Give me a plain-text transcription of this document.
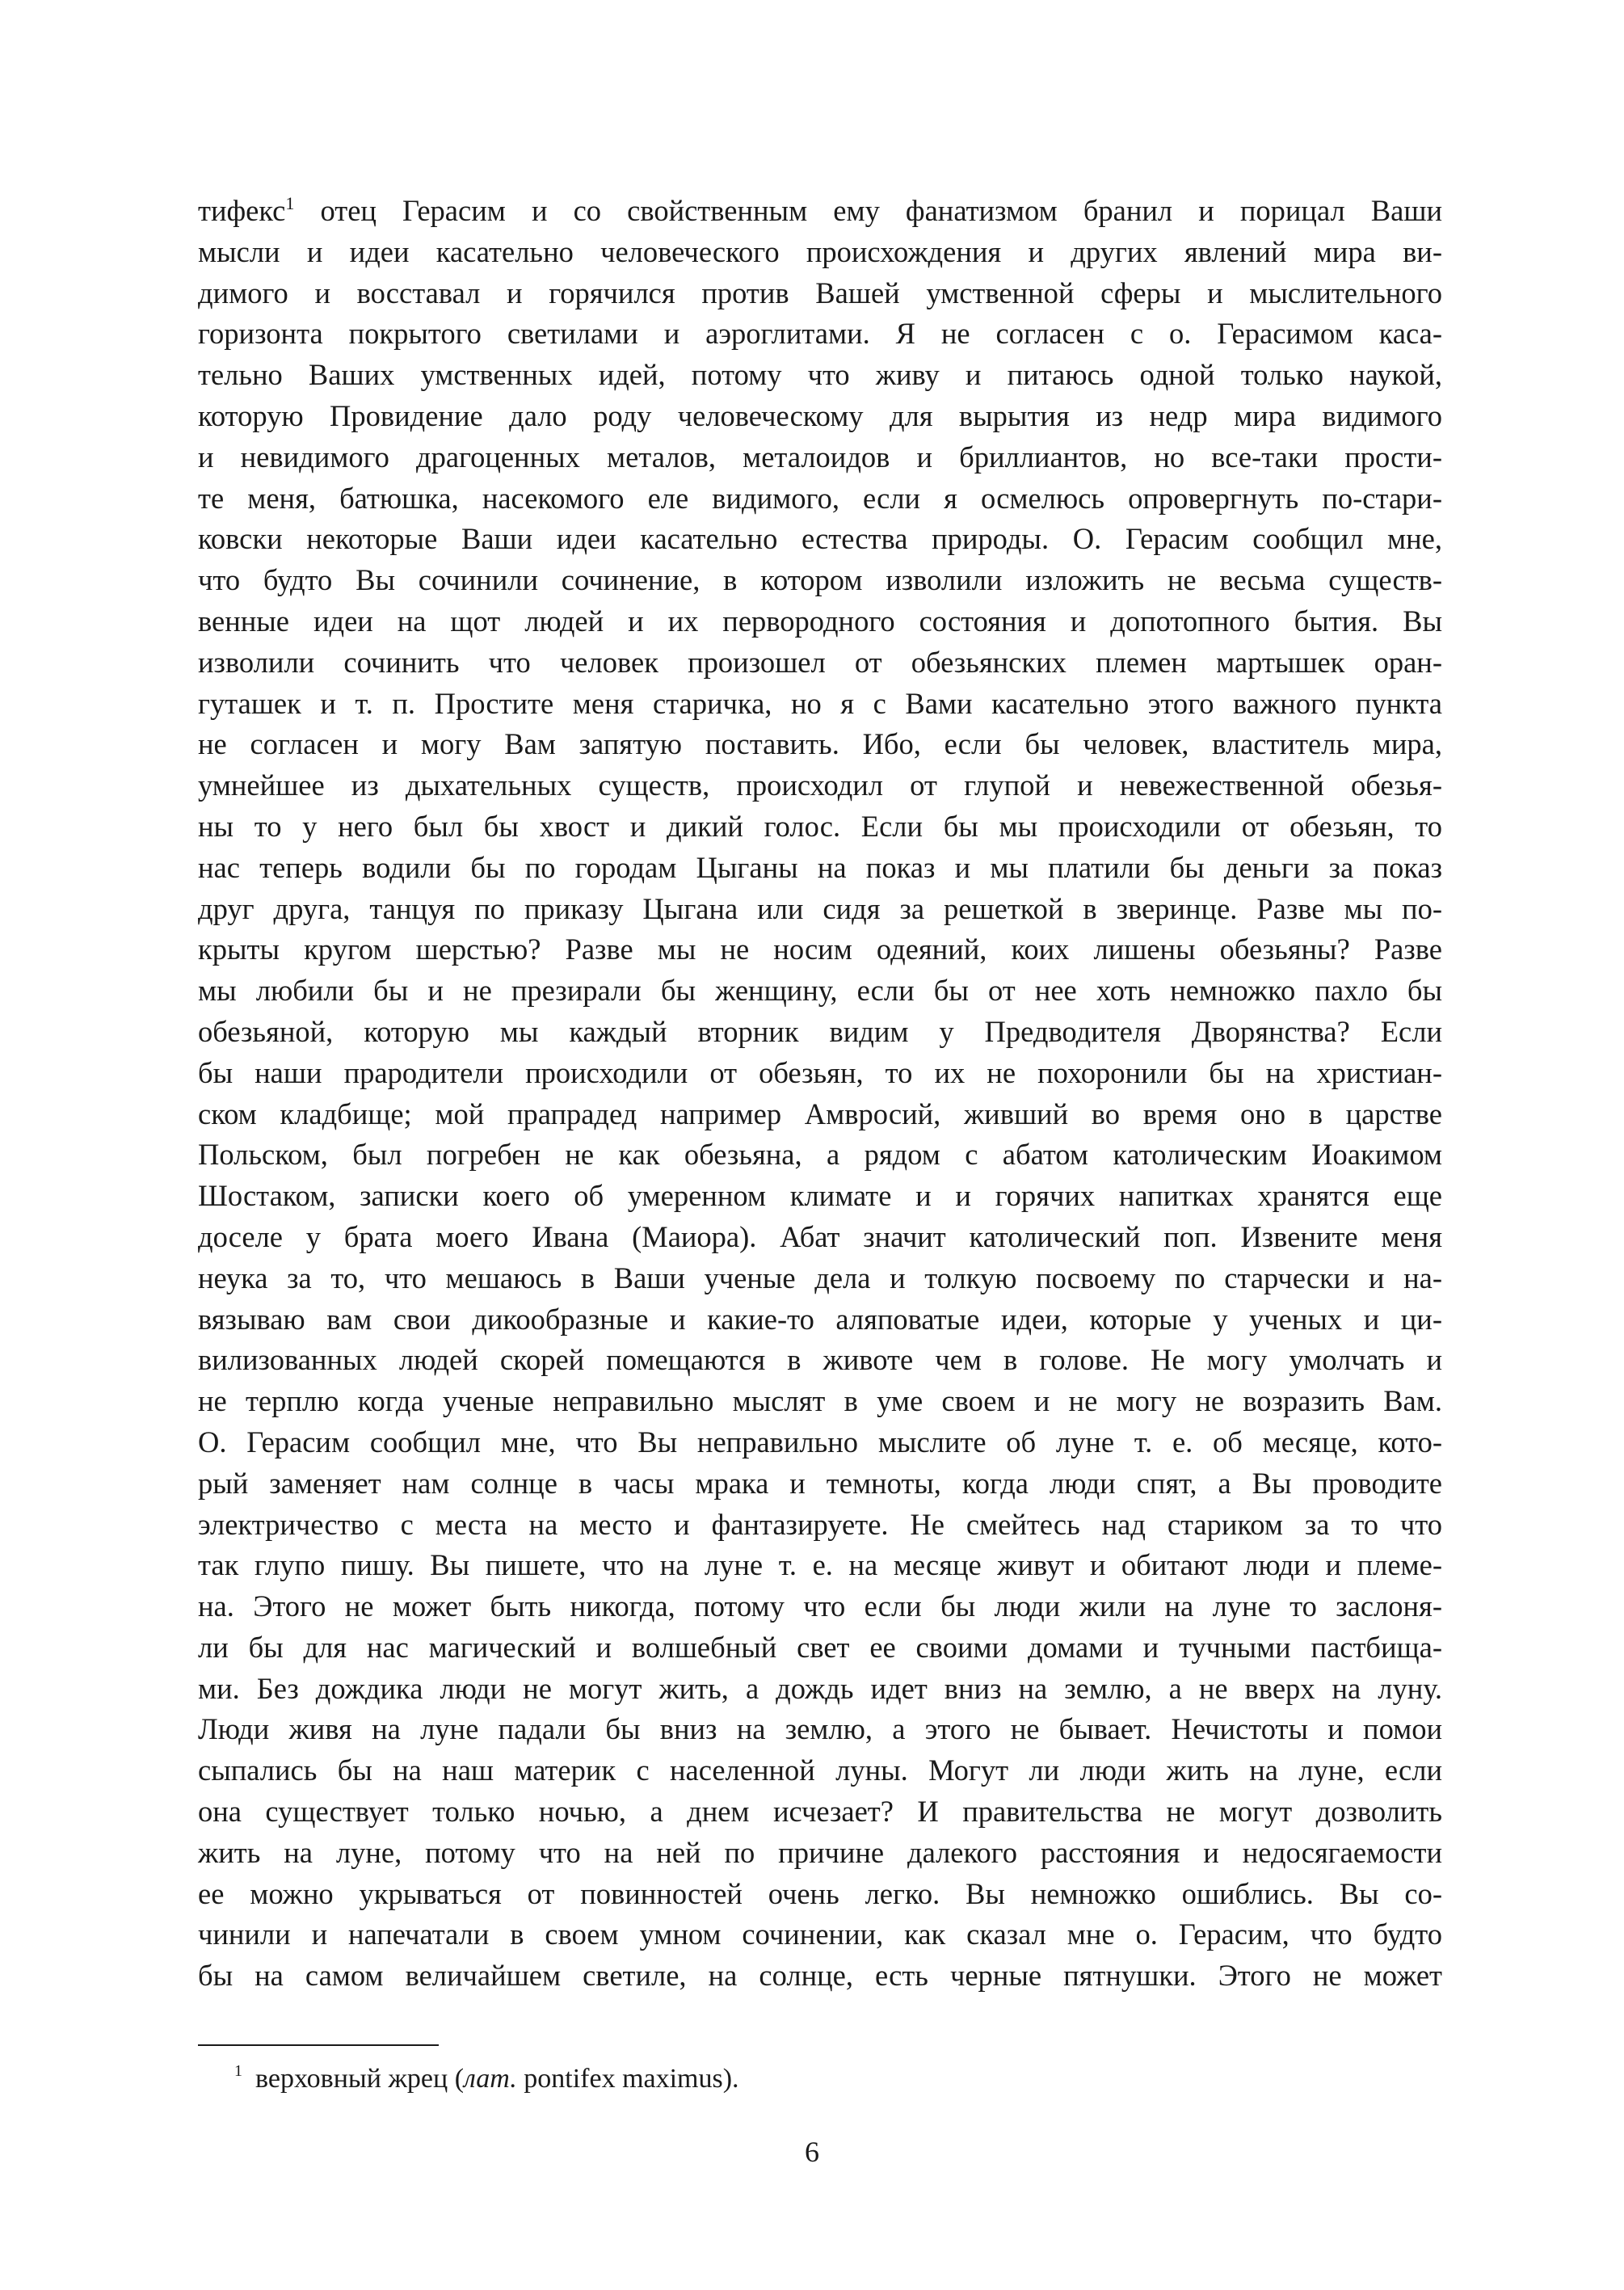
тифекс$^1$ отец Герасим и со свойственным ему фанатизмом бранил и порицал Ваши
мысли и идеи касательно человеческого происхождения и других явлений мира ви-
димого и восставал и горячился против Вашей умственной сферы и мыслительного
горизонта покрытого светилами и аэроглитами. Я не согласен с о. Герасимом каса-
тельно Ваших умственных идей, потому что живу и питаюсь одной только наукой,
которую Провидение дало роду человеческому для вырытия из недр мира видимого
и невидимого драгоценных металов, металоидов и бриллиантов, но все-таки прости-
те меня, батюшка, насекомого еле видимого, если я осмелюсь опровергнуть по-стари-
ковски некоторые Ваши идеи касательно естества природы. О. Герасим сообщил мне,
что будто Вы сочинили сочинение, в котором изволили изложить не весьма существ-
венные идеи на щот людей и их первородного состояния и допотопного бытия. Вы
изволили сочинить что человек произошел от обезьянских племен мартышек оран-
гуташек и т. п. Простите меня старичка, но я с Вами касательно этого важного пункта
не согласен и могу Вам запятую поставить. Ибо, если бы человек, властитель мира,
умнейшее из дыхательных существ, происходил от глупой и невежественной обезья-
ны то у него был бы хвост и дикий голос. Если бы мы происходили от обезьян, то
нас теперь водили бы по городам Цыганы на показ и мы платили бы деньги за показ
друг друга, танцуя по приказу Цыгана или сидя за решеткой в зверинце. Разве мы по-
крыты кругом шерстью? Разве мы не носим одеяний, коих лишены обезьяны? Разве
мы любили бы и не презирали бы женщину, если бы от нее хоть немножко пахло бы
обезьяной, которую мы каждый вторник видим у Предводителя Дворянства? Если
бы наши прародители происходили от обезьян, то их не похоронили бы на христиан-
ском кладбище; мой прапрадед например Амвросий, живший во время оно в царстве
Польском, был погребен не как обезьяна, а рядом с абатом католическим Иоакимом
Шостаком, записки коего об умеренном климате и и горячих напитках хранятся еще
доселе у брата моего Ивана (Маиора). Абат значит католический поп. Извените меня
неука за то, что мешаюсь в Ваши ученые дела и толкую посвоему по старчески и на-
вязываю вам свои дикообразные и какие-то аляповатые идеи, которые у ученых и ци-
вилизованных людей скорей помещаются в животе чем в голове. Не могу умолчать и
не терплю когда ученые неправильно мыслят в уме своем и не могу не возразить Вам.
О. Герасим сообщил мне, что Вы неправильно мыслите об луне т. е. об месяце, кото-
рый заменяет нам солнце в часы мрака и темноты, когда люди спят, а Вы проводите
электричество с места на место и фантазируете. Не смейтесь над стариком за то что
так глупо пишу. Вы пишете, что на луне т. е. на месяце живут и обитают люди и племе-
на. Этого не может быть никогда, потому что если бы люди жили на луне то заслоня-
ли бы для нас магический и волшебный свет ее своими домами и тучными пастбища-
ми. Без дождика люди не могут жить, а дождь идет вниз на землю, а не вверх на луну.
Люди живя на луне падали бы вниз на землю, а этого не бывает. Нечистоты и помои
сыпались бы на наш материк с населенной луны. Могут ли люди жить на луне, если
она существует только ночью, а днем исчезает? И правительства не могут дозволить
жить на луне, потому что на ней по причине далекого расстояния и недосягаемости
ее можно укрываться от повинностей очень легко. Вы немножко ошиблись. Вы со-
чинили и напечатали в своем умном сочинении, как сказал мне о. Герасим, что будто
бы на самом величайшем светиле, на солнце, есть черные пятнушки. Этого не может
$^1$ верховный жрец (лат. pontifex maximus).
6
